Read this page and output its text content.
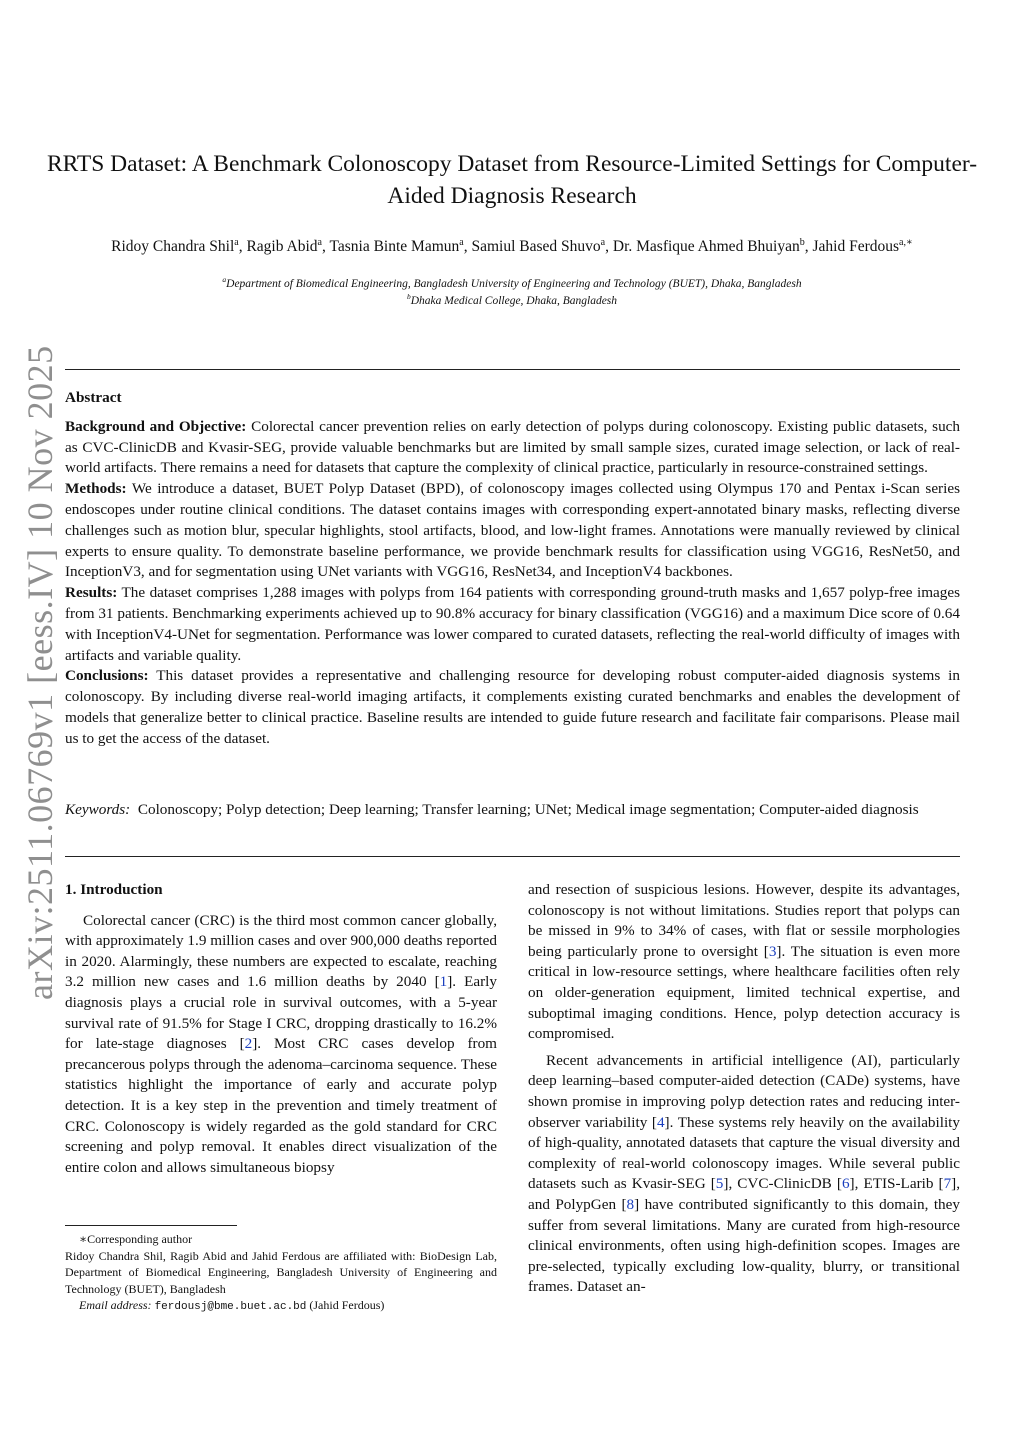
arXiv:2511.06769v1 [eess.IV] 10 Nov 2025
RRTS Dataset: A Benchmark Colonoscopy Dataset from Resource-Limited Settings for Computer-Aided Diagnosis Research
Ridoy Chandra Shil$^a$, Ragib Abid$^a$, Tasnia Binte Mamun$^a$, Samiul Based Shuvo$^a$, Dr. Masfique Ahmed Bhuiyan$^b$, Jahid Ferdous$^{a,∗}$
$^a$Department of Biomedical Engineering, Bangladesh University of Engineering and Technology (BUET), Dhaka, Bangladesh
$^b$Dhaka Medical College, Dhaka, Bangladesh
Abstract

Background and Objective: Colorectal cancer prevention relies on early detection of polyps during colonoscopy. Existing public datasets, such as CVC-ClinicDB and Kvasir-SEG, provide valuable benchmarks but are limited by small sample sizes, curated image selection, or lack of real-world artifacts. There remains a need for datasets that capture the complexity of clinical practice, particularly in resource-constrained settings.

Methods: We introduce a dataset, BUET Polyp Dataset (BPD), of colonoscopy images collected using Olympus 170 and Pentax i-Scan series endoscopes under routine clinical conditions. The dataset contains images with corresponding expert-annotated binary masks, reflecting diverse challenges such as motion blur, specular highlights, stool artifacts, blood, and low-light frames. Annotations were manually reviewed by clinical experts to ensure quality. To demonstrate baseline performance, we provide benchmark results for classification using VGG16, ResNet50, and InceptionV3, and for segmentation using UNet variants with VGG16, ResNet34, and InceptionV4 backbones.

Results: The dataset comprises 1,288 images with polyps from 164 patients with corresponding ground-truth masks and 1,657 polyp-free images from 31 patients. Benchmarking experiments achieved up to 90.8% accuracy for binary classification (VGG16) and a maximum Dice score of 0.64 with InceptionV4-UNet for segmentation. Performance was lower compared to curated datasets, reflecting the real-world difficulty of images with artifacts and variable quality.

Conclusions: This dataset provides a representative and challenging resource for developing robust computer-aided diagnosis systems in colonoscopy. By including diverse real-world imaging artifacts, it complements existing curated benchmarks and enables the development of models that generalize better to clinical practice. Baseline results are intended to guide future research and facilitate fair comparisons. Please mail us to get the access of the dataset.

Keywords: Colonoscopy; Polyp detection; Deep learning; Transfer learning; UNet; Medical image segmentation; Computer-aided diagnosis
1. Introduction

Colorectal cancer (CRC) is the third most common cancer globally, with approximately 1.9 million cases and over 900,000 deaths reported in 2020. Alarmingly, these numbers are expected to escalate, reaching 3.2 million new cases and 1.6 million deaths by 2040 [1]. Early diagnosis plays a crucial role in survival outcomes, with a 5-year survival rate of 91.5% for Stage I CRC, dropping drastically to 16.2% for late-stage diagnoses [2]. Most CRC cases develop from precancerous polyps through the adenoma–carcinoma sequence. These statistics highlight the importance of early and accurate polyp detection. It is a key step in the prevention and timely treatment of CRC. Colonoscopy is widely regarded as the gold standard for CRC screening and polyp removal. It enables direct visualization of the entire colon and allows simultaneous biopsy

∗Corresponding author

Ridoy Chandra Shil, Ragib Abid and Jahid Ferdous are affiliated with: BioDesign Lab, Department of Biomedical Engineering, Bangladesh University of Engineering and Technology (BUET), Bangladesh

Email address: ferdousj@bme.buet.ac.bd (Jahid Ferdous)

and resection of suspicious lesions. However, despite its advantages, colonoscopy is not without limitations. Studies report that polyps can be missed in 9% to 34% of cases, with flat or sessile morphologies being particularly prone to oversight [3]. The situation is even more critical in low-resource settings, where healthcare facilities often rely on older-generation equipment, limited technical expertise, and suboptimal imaging conditions. Hence, polyp detection accuracy is compromised.

Recent advancements in artificial intelligence (AI), particularly deep learning–based computer-aided detection (CADe) systems, have shown promise in improving polyp detection rates and reducing inter-observer variability [4]. These systems rely heavily on the availability of high-quality, annotated datasets that capture the visual diversity and complexity of real-world colonoscopy images. While several public datasets such as Kvasir-SEG [5], CVC-ClinicDB [6], ETIS-Larib [7], and PolypGen [8] have contributed significantly to this domain, they suffer from several limitations. Many are curated from high-resource clinical environments, often using high-definition scopes. Images are pre-selected, typically excluding low-quality, blurry, or transitional frames. Dataset an-
